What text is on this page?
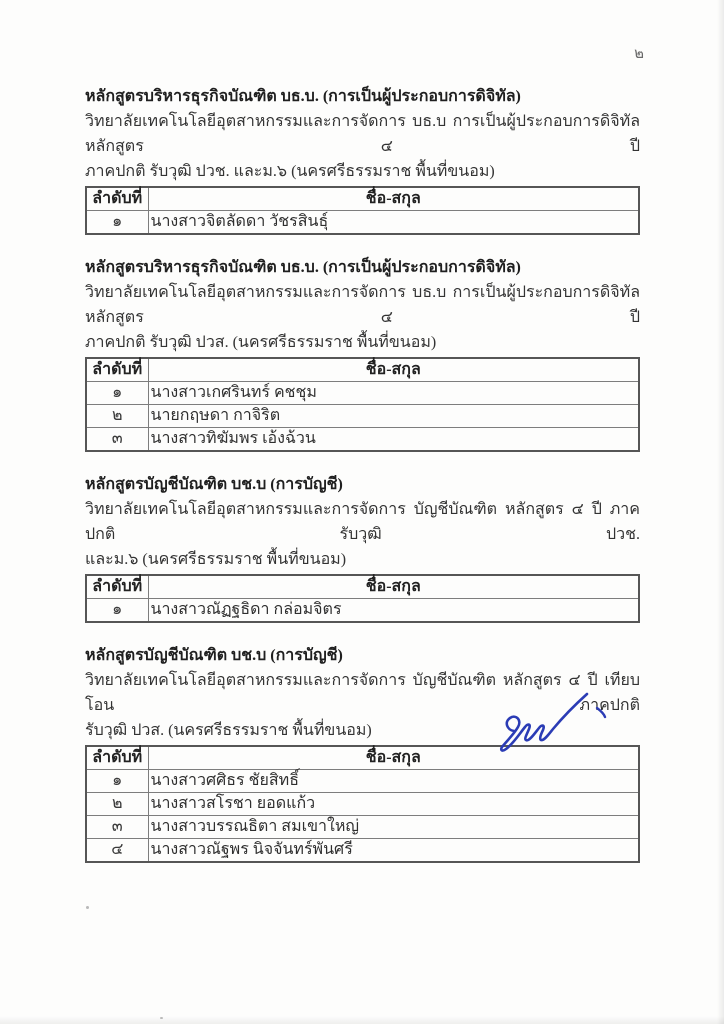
๒
หลักสูตรบริหารธุรกิจบัณฑิต บธ.บ. (การเป็นผู้ประกอบการดิจิทัล)
วิทยาลัยเทคโนโลยีอุตสาหกรรมและการจัดการ บธ.บ การเป็นผู้ประกอบการดิจิทัล หลักสูตร ๔ ปี
ภาคปกติ รับวุฒิ ปวช. และม.๖ (นครศรีธรรมราช พื้นที่ขนอม)
ลำดับที่	ชื่อ-สกุล
๑	นางสาวจิตลัดดา วัชรสินธุ์
หลักสูตรบริหารธุรกิจบัณฑิต บธ.บ. (การเป็นผู้ประกอบการดิจิทัล)
วิทยาลัยเทคโนโลยีอุตสาหกรรมและการจัดการ บธ.บ การเป็นผู้ประกอบการดิจิทัล หลักสูตร ๔ ปี
ภาคปกติ รับวุฒิ ปวส. (นครศรีธรรมราช พื้นที่ขนอม)
ลำดับที่	ชื่อ-สกุล
๑	นางสาวเกศรินทร์ คชชุม
๒	นายกฤษดา กาจิริต
๓	นางสาวทิฆัมพร เอ้งฉ้วน
หลักสูตรบัญชีบัณฑิต บช.บ (การบัญชี)
วิทยาลัยเทคโนโลยีอุตสาหกรรมและการจัดการ บัญชีบัณฑิต หลักสูตร ๔ ปี ภาคปกติ รับวุฒิ ปวช.
และม.๖ (นครศรีธรรมราช พื้นที่ขนอม)
ลำดับที่	ชื่อ-สกุล
๑	นางสาวณัฏฐธิดา กล่อมจิตร
หลักสูตรบัญชีบัณฑิต บช.บ (การบัญชี)
วิทยาลัยเทคโนโลยีอุตสาหกรรมและการจัดการ บัญชีบัณฑิต หลักสูตร ๔ ปี เทียบโอน ภาคปกติ
รับวุฒิ ปวส. (นครศรีธรรมราช พื้นที่ขนอม)
ลำดับที่	ชื่อ-สกุล
๑	นางสาวศศิธร ชัยสิทธิ์
๒	นางสาวสโรชา ยอดแก้ว
๓	นางสาวบรรณธิตา สมเขาใหญ่
๔	นางสาวณัฐพร นิจจันทร์พันศรี
